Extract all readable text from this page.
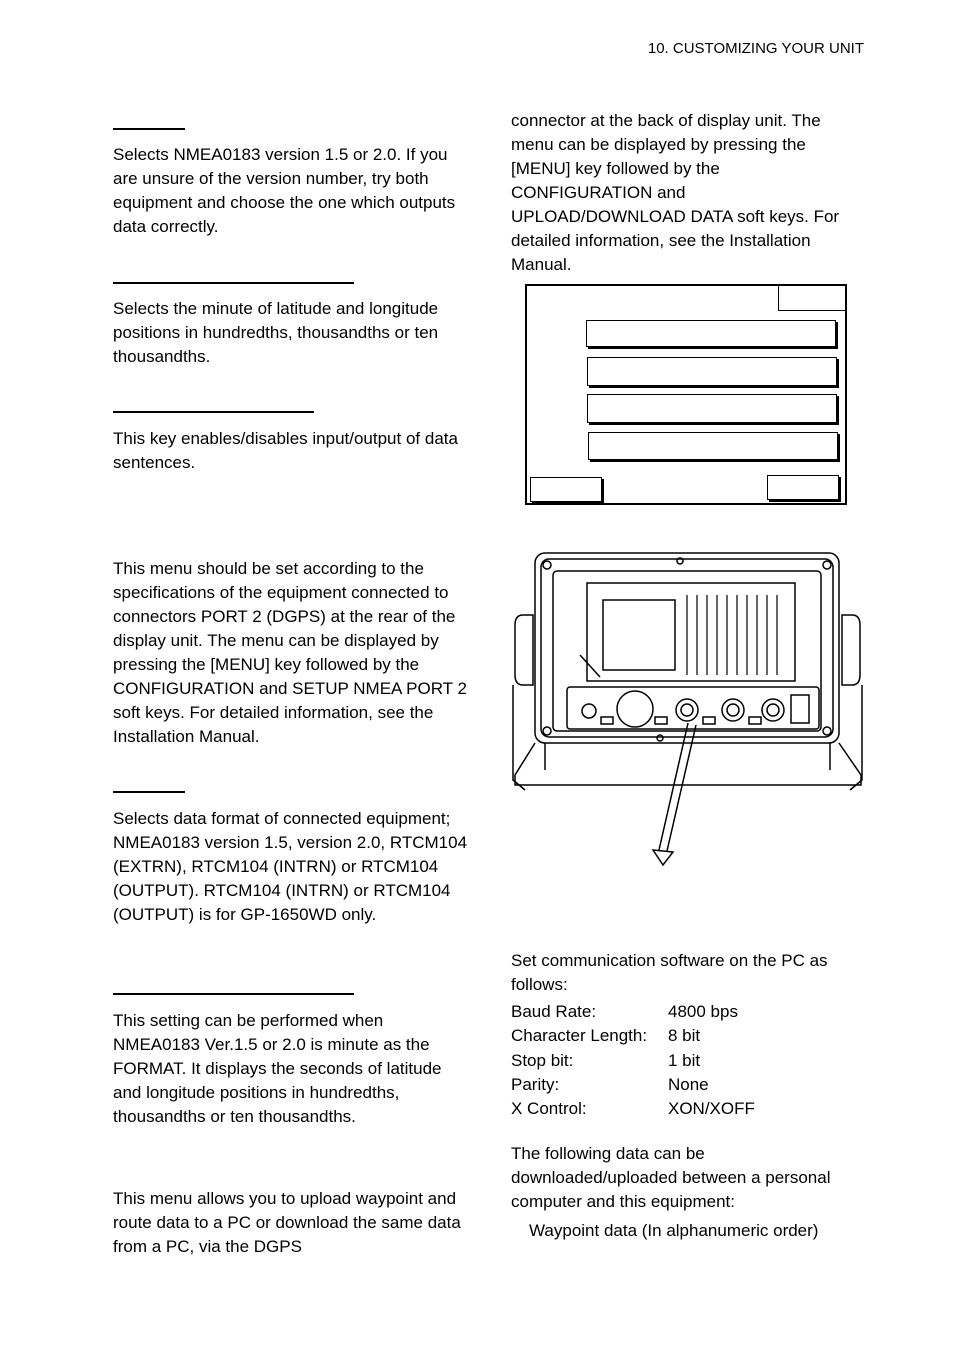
10. CUSTOMIZING YOUR UNIT

Selects NMEA0183 version 1.5 or 2.0. If you are unsure of the version number, try both equipment and choose the one which outputs data correctly.

Selects the minute of latitude and longitude positions in hundredths, thousandths or ten thousandths.

This key enables/disables input/output of data sentences.

This menu should be set according to the specifications of the equipment connected to connectors PORT 2 (DGPS) at the rear of the display unit. The menu can be displayed by pressing the [MENU] key followed by the CONFIGURATION and SETUP NMEA PORT 2 soft keys. For detailed information, see the Installation Manual.

Selects data format of connected equipment; NMEA0183 version 1.5, version 2.0, RTCM104 (EXTRN), RTCM104 (INTRN) or RTCM104 (OUTPUT). RTCM104 (INTRN) or RTCM104 (OUTPUT) is for GP-1650WD only.

This setting can be performed when NMEA0183 Ver.1.5 or 2.0 is minute as the FORMAT. It displays the seconds of latitude and longitude positions in hundredths, thousandths or ten thousandths.

This menu allows you to upload waypoint and route data to a PC or download the same data from a PC, via the DGPS

connector at the back of display unit. The menu can be displayed by pressing the [MENU] key followed by the CONFIGURATION and UPLOAD/DOWNLOAD DATA soft keys. For detailed information, see the Installation Manual.

Set communication software on the PC as follows:

Baud Rate:	4800 bps
Character Length:	8 bit
Stop bit:	1 bit
Parity:	None
X Control:	XON/XOFF

The following data can be downloaded/uploaded between a personal computer and this equipment:

Waypoint data (In alphanumeric order)
